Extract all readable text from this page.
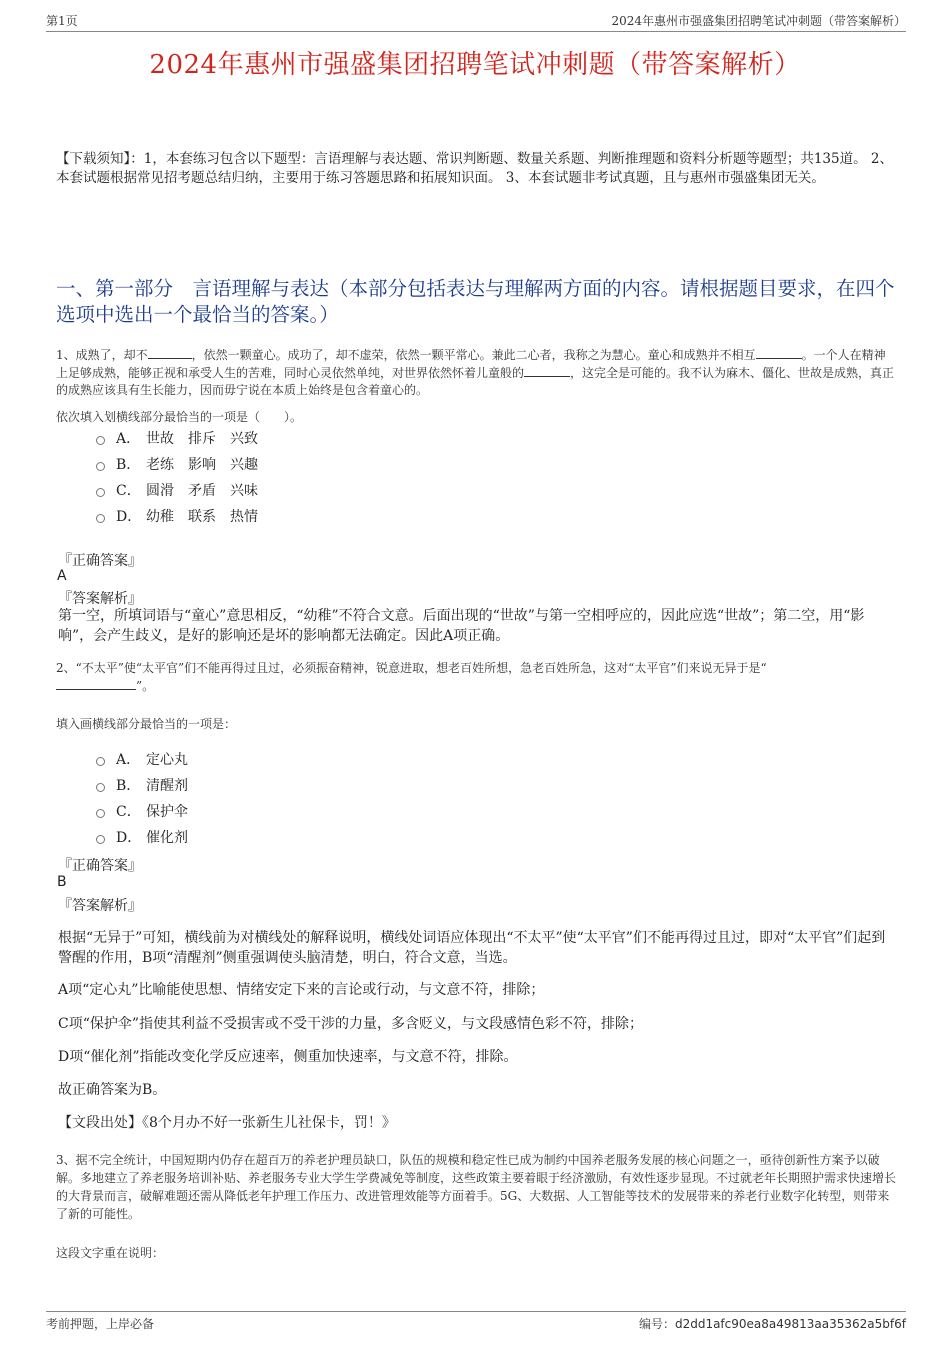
第1页	2024年惠州市强盛集团招聘笔试冲刺题（带答案解析）
2024年惠州市强盛集团招聘笔试冲刺题（带答案解析）
【下载须知】：1，本套练习包含以下题型：言语理解与表达题、常识判断题、数量关系题、判断推理题和资料分析题等题型；共135道。 2、本套试题根据常见招考题总结归纳，主要用于练习答题思路和拓展知识面。 3、本套试题非考试真题，且与惠州市强盛集团无关。
一、第一部分　言语理解与表达（本部分包括表达与理解两方面的内容。请根据题目要求，在四个选项中选出一个最恰当的答案。）
1、成熟了，却不	，依然一颗童心。成功了，却不虚荣，依然一颗平常心。兼此二心者，我称之为慧心。童心和成熟并不相互	。一个人在精神上足够成熟，能够正视和承受人生的苦难，同时心灵依然单纯，对世界依然怀着儿童般的	，这完全是可能的。我不认为麻木、僵化、世故是成熟，真正的成熟应该具有生长能力，因而毋宁说在本质上始终是包含着童心的。
依次填入划横线部分最恰当的一项是（　　）。
A． 世故　排斥　兴致
B． 老练　影响　兴趣
C． 圆滑　矛盾　兴味
D． 幼稚　联系　热情
『正确答案』
A
『答案解析』
第一空，所填词语与“童心”意思相反，“幼稚”不符合文意。后面出现的“世故”与第一空相呼应的，因此应选“世故”；第二空，用“影响”，会产生歧义，是好的影响还是坏的影响都无法确定。因此A项正确。
2、“不太平”使“太平官”们不能再得过且过，必须振奋精神，锐意进取，想老百姓所想，急老百姓所急，这对“太平官”们来说无异于是“
”。
填入画横线部分最恰当的一项是：
A． 定心丸
B． 清醒剂
C． 保护伞
D． 催化剂
『正确答案』
B
『答案解析』
根据“无异于”可知，横线前为对横线处的解释说明，横线处词语应体现出“不太平”使“太平官”们不能再得过且过，即对“太平官”们起到警醒的作用，B项“清醒剂”侧重强调使头脑清楚，明白，符合文意，当选。
A项“定心丸”比喻能使思想、情绪安定下来的言论或行动，与文意不符，排除；
C项“保护伞”指使其利益不受损害或不受干涉的力量，多含贬义，与文段感情色彩不符，排除；
D项“催化剂”指能改变化学反应速率，侧重加快速率，与文意不符，排除。
故正确答案为B。
【文段出处】《8个月办不好一张新生儿社保卡，罚！》
3、据不完全统计，中国短期内仍存在超百万的养老护理员缺口，队伍的规模和稳定性已成为制约中国养老服务发展的核心问题之一，亟待创新性方案予以破解。多地建立了养老服务培训补贴、养老服务专业大学生学费减免等制度，这些政策主要着眼于经济激励，有效性逐步显现。不过就老年长期照护需求快速增长的大背景而言，破解难题还需从降低老年护理工作压力、改进管理效能等方面着手。5G、大数据、人工智能等技术的发展带来的养老行业数字化转型，则带来了新的可能性。
这段文字重在说明：
考前押题，上岸必备	编号：d2dd1afc90ea8a49813aa35362a5bf6f
